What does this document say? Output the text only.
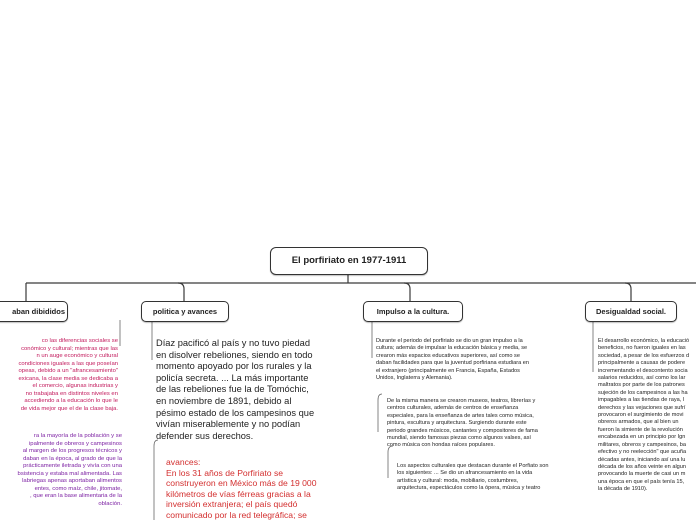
El porfiriato en 1977-1911
aban dibididos	politica y avances	Impulso a la cultura.	Desigualdad social.

co las diferencias sociales se
conómico y cultural; mientras que las
n un auge económico y cultural
condiciones iguales a las que poseían
opeas, debido a un "afrancesamiento"
exicana, la clase media se dedicaba a
el comercio, algunas industrias y
no trabajaba en distintos niveles en
accediendo a la educación lo que le
de vida mejor que el de la clase baja.

ra la mayoría de la población y se
ipalmente de obreros y campesinos
al margen de los progresos técnicos y
daban en la época, al grado de que la
prácticamente iletrada y vivía con una
bsistencia y estaba mal alimentada. Las
labriegas apenas aportaban alimentos
entes, como maíz, chile, jitomate,
, que eran la base alimentaria de la
oblación.

Díaz pacificó al país y no tuvo piedad
en disolver rebeliones, siendo en todo
momento apoyado por los rurales y la
policía secreta. ... La más importante
de las rebeliones fue la de Tomóchic,
en noviembre de 1891, debido al
pésimo estado de los campesinos que
vivían miserablemente y no podían
defender sus derechos.

avances:
En los 31 años de Porfiriato se
construyeron en México más de 19 000
kilómetros de vías férreas gracias a la
inversión extranjera; el país quedó
comunicado por la red telegráfica; se

Durante el periodo del porfiriato se dio un gran impulso a la
cultura; además de impulsar la educación básica y media, se
crearon más espacios educativos superiores, así como se
daban facilidades para que la juventud porfiriana estudiara en
el extranjero (principalmente en Francia, España, Estados
Unidos, Inglaterra y Alemania).

De la misma manera se crearon museos, teatros, librerías y
centros culturales, además de centros de enseñanza
especiales, para la enseñanza de artes tales como música,
pintura, escultura y arquitectura. Surgiendo durante este
periodo grandes músicos, cantantes y compositores de fama
mundial, siendo famosas piezas como algunos valses, así
como música con hondas raíces populares.

Los aspectos culturales que destacan durante el Porfiato son
los siguientes: ... Se dio un afrancesamiento en la vida
artística y cultural: moda, mobiliario, costumbres,
arquitectura, espectáculos como la ópera, música y teatro

El desarrollo económico, la educació
beneficios, no fueron iguales en las
sociedad, a pesar de los esfuerzos d
principalmente a causas de podere
incrementando el descontento socia
salarios reducidos, así como los lar
maltratos por parte de los patrones
sujeción de los campesinos a las ha
impagables a las tiendas de raya, l
derechos y las vejaciones que sufrí
provocaron el surgimiento de movi
obreros armados, que al bien un
fueron la simiente de la revolución
encabezada en un principio por Ign
militares, obreros y campesinos, ba
efectivo y no reelección" que acuña
décadas antes, iniciando así una lu
década de los años veinte en algun
provocando la muerte de casi un m
una época en que el país tenía 15,
la década de 1910).
